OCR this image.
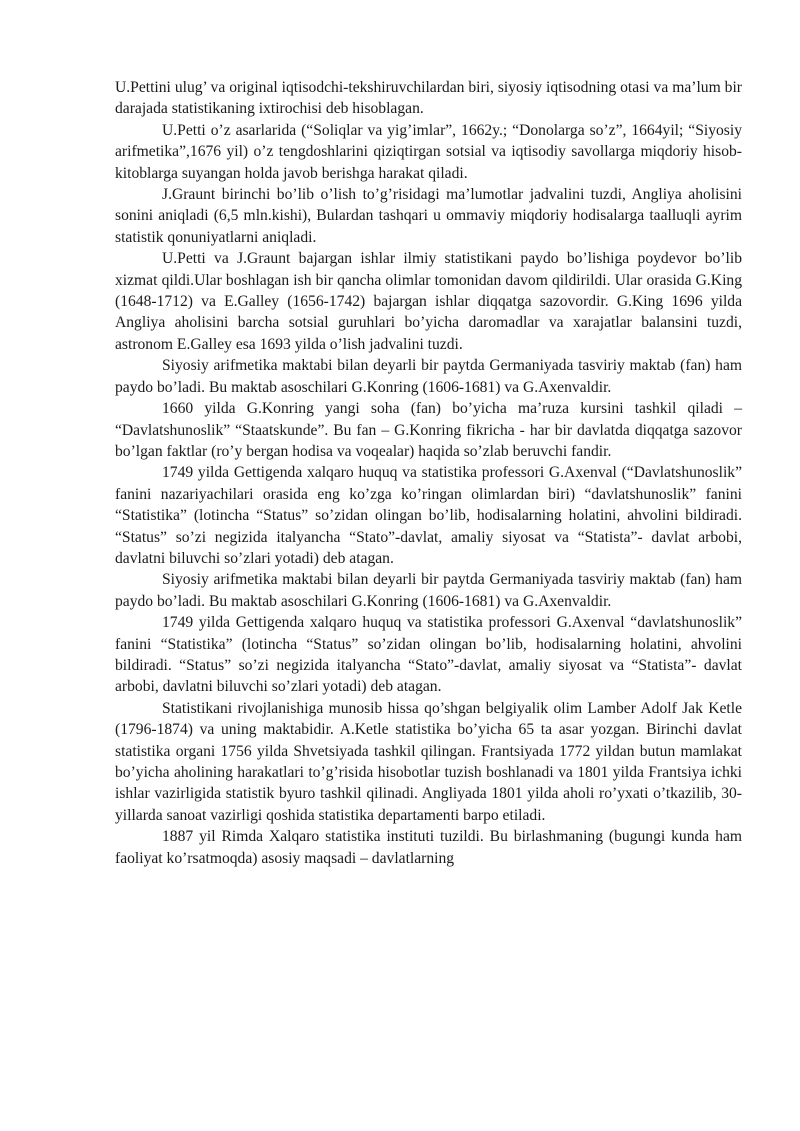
U.Pettini ulug’ va original iqtisodchi-tekshiruvchilardan biri, siyosiy iqtisodning otasi va ma’lum bir darajada statistikaning ixtirochisi deb hisoblagan.

U.Petti o’z asarlarida (“Soliqlar va yig’imlar”, 1662y.; “Donolarga so’z”, 1664yil; “Siyosiy arifmetika”,1676 yil) o’z tengdoshlarini qiziqtirgan sotsial va iqtisodiy savollarga miqdoriy hisob-kitoblarga suyangan holda javob berishga harakat qiladi.

J.Graunt birinchi bo’lib o’lish to’g’risidagi ma’lumotlar jadvalini tuzdi, Angliya aholisini sonini aniqladi (6,5 mln.kishi), Bulardan tashqari u ommaviy miqdoriy hodisalarga taalluqli ayrim statistik qonuniyatlarni aniqladi.

U.Petti va J.Graunt bajargan ishlar ilmiy statistikani paydo bo’lishiga poydevor bo’lib xizmat qildi.Ular boshlagan ish bir qancha olimlar tomonidan davom qildirildi. Ular orasida G.King (1648-1712) va E.Galley (1656-1742) bajargan ishlar diqqatga sazovordir. G.King 1696 yilda Angliya aholisini barcha sotsial guruhlari bo’yicha daromadlar va xarajatlar balansini tuzdi, astronom E.Galley esa 1693 yilda o’lish jadvalini tuzdi.

Siyosiy arifmetika maktabi bilan deyarli bir paytda Germaniyada tasviriy maktab (fan) ham paydo bo’ladi. Bu maktab asoschilari G.Konring (1606-1681) va G.Axenvaldir.

1660 yilda G.Konring yangi soha (fan) bo’yicha ma’ruza kursini tashkil qiladi – “Davlatshunoslik” “Staatskunde”. Bu fan – G.Konring fikricha - har bir davlatda diqqatga sazovor bo’lgan faktlar (ro’y bergan hodisa va voqealar) haqida so’zlab beruvchi fandir.

1749 yilda Gettigenda xalqaro huquq va statistika professori G.Axenval (“Davlatshunoslik” fanini nazariyachilari orasida eng ko’zga ko’ringan olimlardan biri) “davlatshunoslik” fanini “Statistika” (lotincha “Status” so’zidan olingan bo’lib, hodisalarning holatini, ahvolini bildiradi. “Status” so’zi negizida italyancha “Stato”-davlat, amaliy siyosat va “Statista”- davlat arbobi, davlatni biluvchi so’zlari yotadi) deb atagan.

Siyosiy arifmetika maktabi bilan deyarli bir paytda Germaniyada tasviriy maktab (fan) ham paydo bo’ladi. Bu maktab asoschilari G.Konring (1606-1681) va G.Axenvaldir.

1749 yilda Gettigenda xalqaro huquq va statistika professori G.Axenval “davlatshunoslik” fanini “Statistika” (lotincha “Status” so’zidan olingan bo’lib, hodisalarning holatini, ahvolini bildiradi. “Status” so’zi negizida italyancha “Stato”-davlat, amaliy siyosat va “Statista”- davlat arbobi, davlatni biluvchi so’zlari yotadi) deb atagan.

Statistikani rivojlanishiga munosib hissa qo’shgan belgiyalik olim Lamber Adolf Jak Ketle (1796-1874) va uning maktabidir. A.Ketle statistika bo’yicha 65 ta asar yozgan. Birinchi davlat statistika organi 1756 yilda Shvetsiyada tashkil qilingan. Frantsiyada 1772 yildan butun mamlakat bo’yicha aholining harakatlari to’g’risida hisobotlar tuzish boshlanadi va 1801 yilda Frantsiya ichki ishlar vazirligida statistik byuro tashkil qilinadi. Angliyada 1801 yilda aholi ro’yxati o’tkazilib, 30-yillarda sanoat vazirligi qoshida statistika departamenti barpo etiladi.

1887 yil Rimda Xalqaro statistika instituti tuzildi. Bu birlashmaning (bugungi kunda ham faoliyat ko’rsatmoqda) asosiy maqsadi – davlatlarning
